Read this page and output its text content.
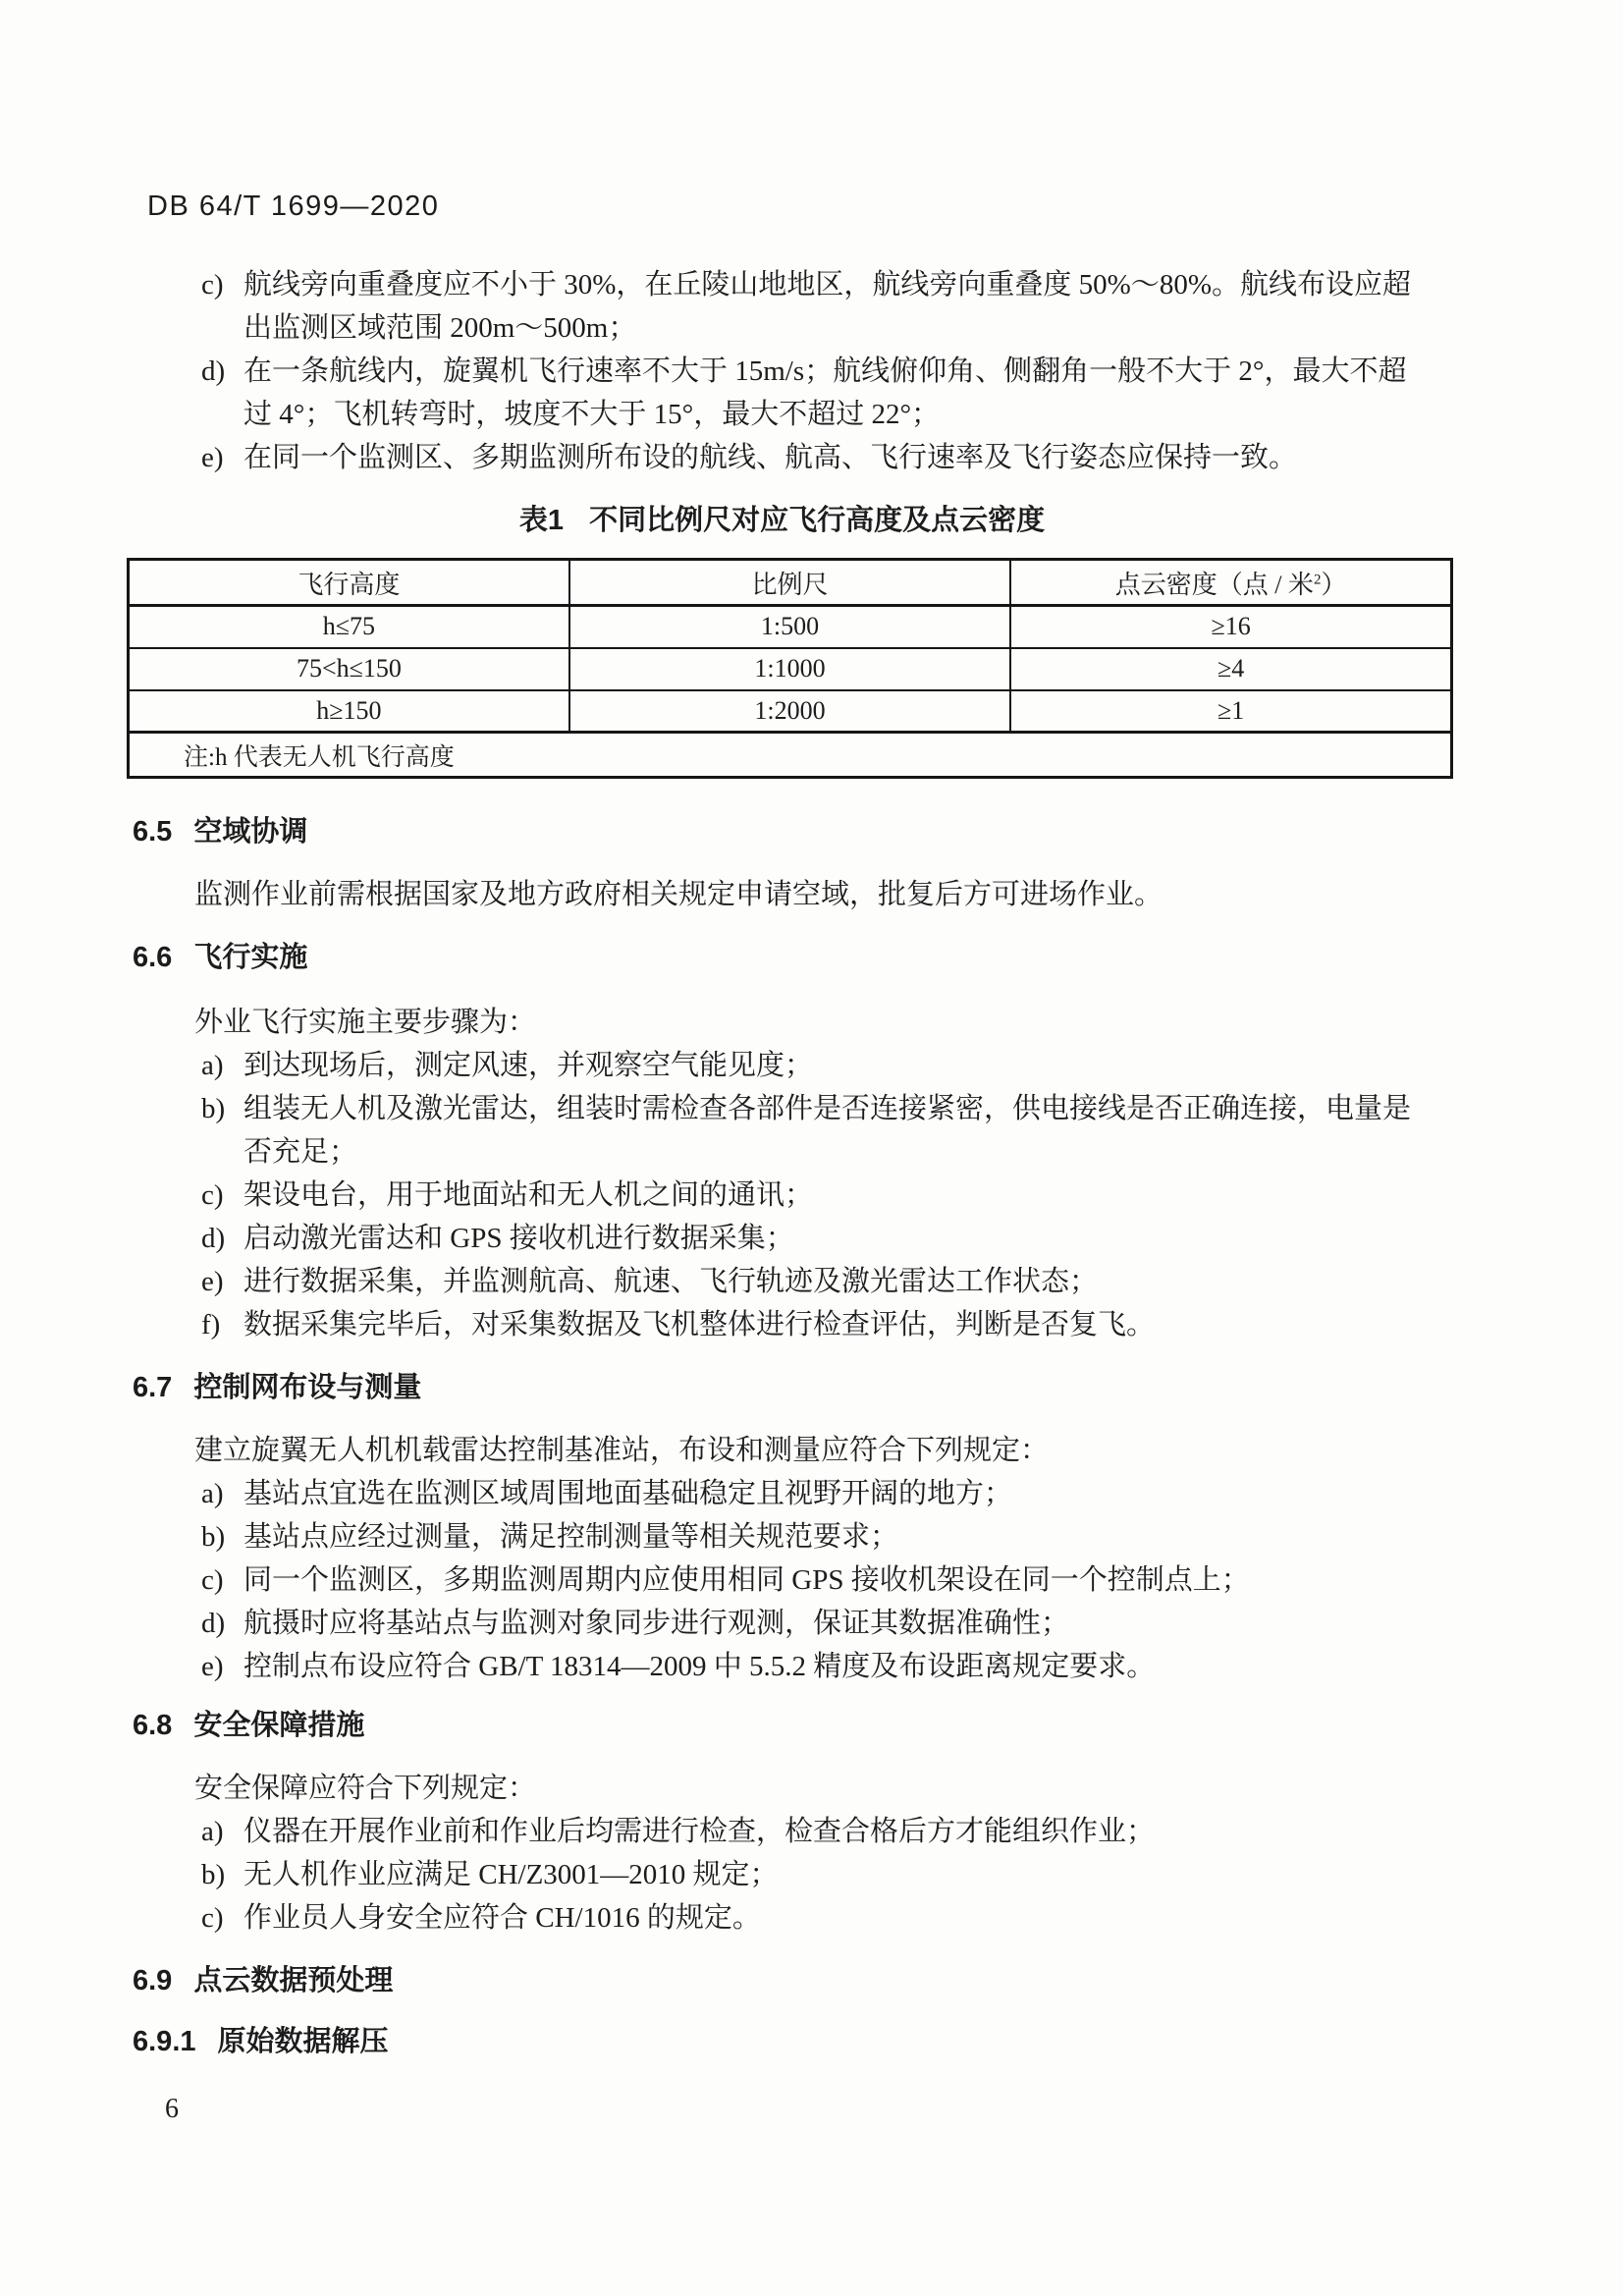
DB 64/T 1699—2020
c) 航线旁向重叠度应不小于 30%，在丘陵山地地区，航线旁向重叠度 50%～80%。航线布设应超出监测区域范围 200m～500m；
d) 在一条航线内，旋翼机飞行速率不大于 15m/s；航线俯仰角、侧翻角一般不大于 2°，最大不超过 4°；飞机转弯时，坡度不大于 15°，最大不超过 22°；
e) 在同一个监测区、多期监测所布设的航线、航高、飞行速率及飞行姿态应保持一致。
表1 不同比例尺对应飞行高度及点云密度
飞行高度	比例尺	点云密度（点 / 米$^2$）
h≤75	1:500	≥16
75<h≤150	1:1000	≥4
h≥150	1:2000	≥1
注:h 代表无人机飞行高度		
6.5 空域协调
监测作业前需根据国家及地方政府相关规定申请空域，批复后方可进场作业。
6.6 飞行实施
外业飞行实施主要步骤为：
a) 到达现场后，测定风速，并观察空气能见度；
b) 组装无人机及激光雷达，组装时需检查各部件是否连接紧密，供电接线是否正确连接，电量是否充足；
c) 架设电台，用于地面站和无人机之间的通讯；
d) 启动激光雷达和 GPS 接收机进行数据采集；
e) 进行数据采集，并监测航高、航速、飞行轨迹及激光雷达工作状态；
f) 数据采集完毕后，对采集数据及飞机整体进行检查评估，判断是否复飞。
6.7 控制网布设与测量
建立旋翼无人机机载雷达控制基准站，布设和测量应符合下列规定：
a) 基站点宜选在监测区域周围地面基础稳定且视野开阔的地方；
b) 基站点应经过测量，满足控制测量等相关规范要求；
c) 同一个监测区，多期监测周期内应使用相同 GPS 接收机架设在同一个控制点上；
d) 航摄时应将基站点与监测对象同步进行观测，保证其数据准确性；
e) 控制点布设应符合 GB/T 18314—2009 中 5.5.2 精度及布设距离规定要求。
6.8 安全保障措施
安全保障应符合下列规定：
a) 仪器在开展作业前和作业后均需进行检查，检查合格后方才能组织作业；
b) 无人机作业应满足 CH/Z3001—2010 规定；
c) 作业员人身安全应符合 CH/1016 的规定。
6.9 点云数据预处理
6.9.1 原始数据解压
6
